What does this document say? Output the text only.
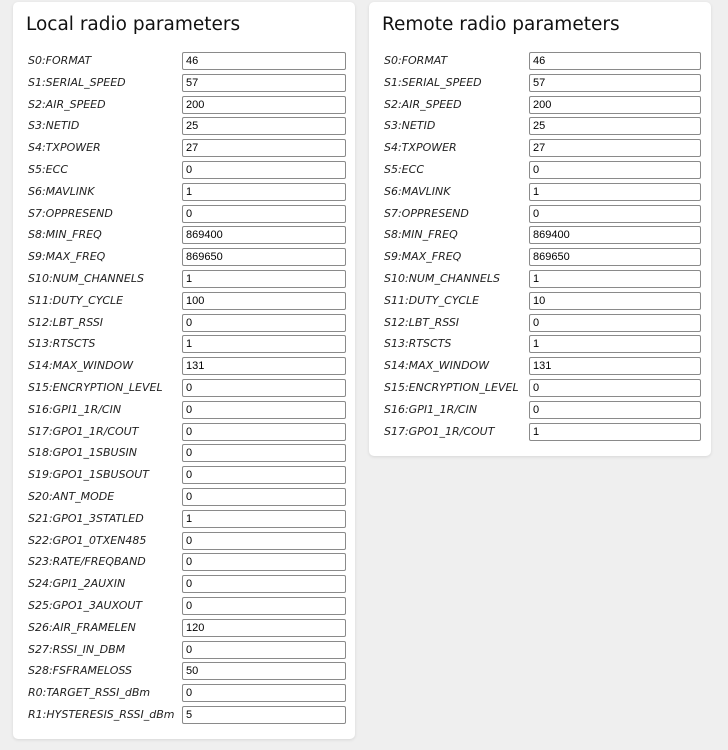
Local radio parameters
S0:FORMAT
46
S1:SERIAL_SPEED
57
S2:AIR_SPEED
200
S3:NETID
25
S4:TXPOWER
27
S5:ECC
0
S6:MAVLINK
1
S7:OPPRESEND
0
S8:MIN_FREQ
869400
S9:MAX_FREQ
869650
S10:NUM_CHANNELS
1
S11:DUTY_CYCLE
100
S12:LBT_RSSI
0
S13:RTSCTS
1
S14:MAX_WINDOW
131
S15:ENCRYPTION_LEVEL
0
S16:GPI1_1R/CIN
0
S17:GPO1_1R/COUT
0
S18:GPO1_1SBUSIN
0
S19:GPO1_1SBUSOUT
0
S20:ANT_MODE
0
S21:GPO1_3STATLED
1
S22:GPO1_0TXEN485
0
S23:RATE/FREQBAND
0
S24:GPI1_2AUXIN
0
S25:GPO1_3AUXOUT
0
S26:AIR_FRAMELEN
120
S27:RSSI_IN_DBM
0
S28:FSFRAMELOSS
50
R0:TARGET_RSSI_dBm
0
R1:HYSTERESIS_RSSI_dBm
5
Remote radio parameters
S0:FORMAT
46
S1:SERIAL_SPEED
57
S2:AIR_SPEED
200
S3:NETID
25
S4:TXPOWER
27
S5:ECC
0
S6:MAVLINK
1
S7:OPPRESEND
0
S8:MIN_FREQ
869400
S9:MAX_FREQ
869650
S10:NUM_CHANNELS
1
S11:DUTY_CYCLE
10
S12:LBT_RSSI
0
S13:RTSCTS
1
S14:MAX_WINDOW
131
S15:ENCRYPTION_LEVEL
0
S16:GPI1_1R/CIN
0
S17:GPO1_1R/COUT
1
